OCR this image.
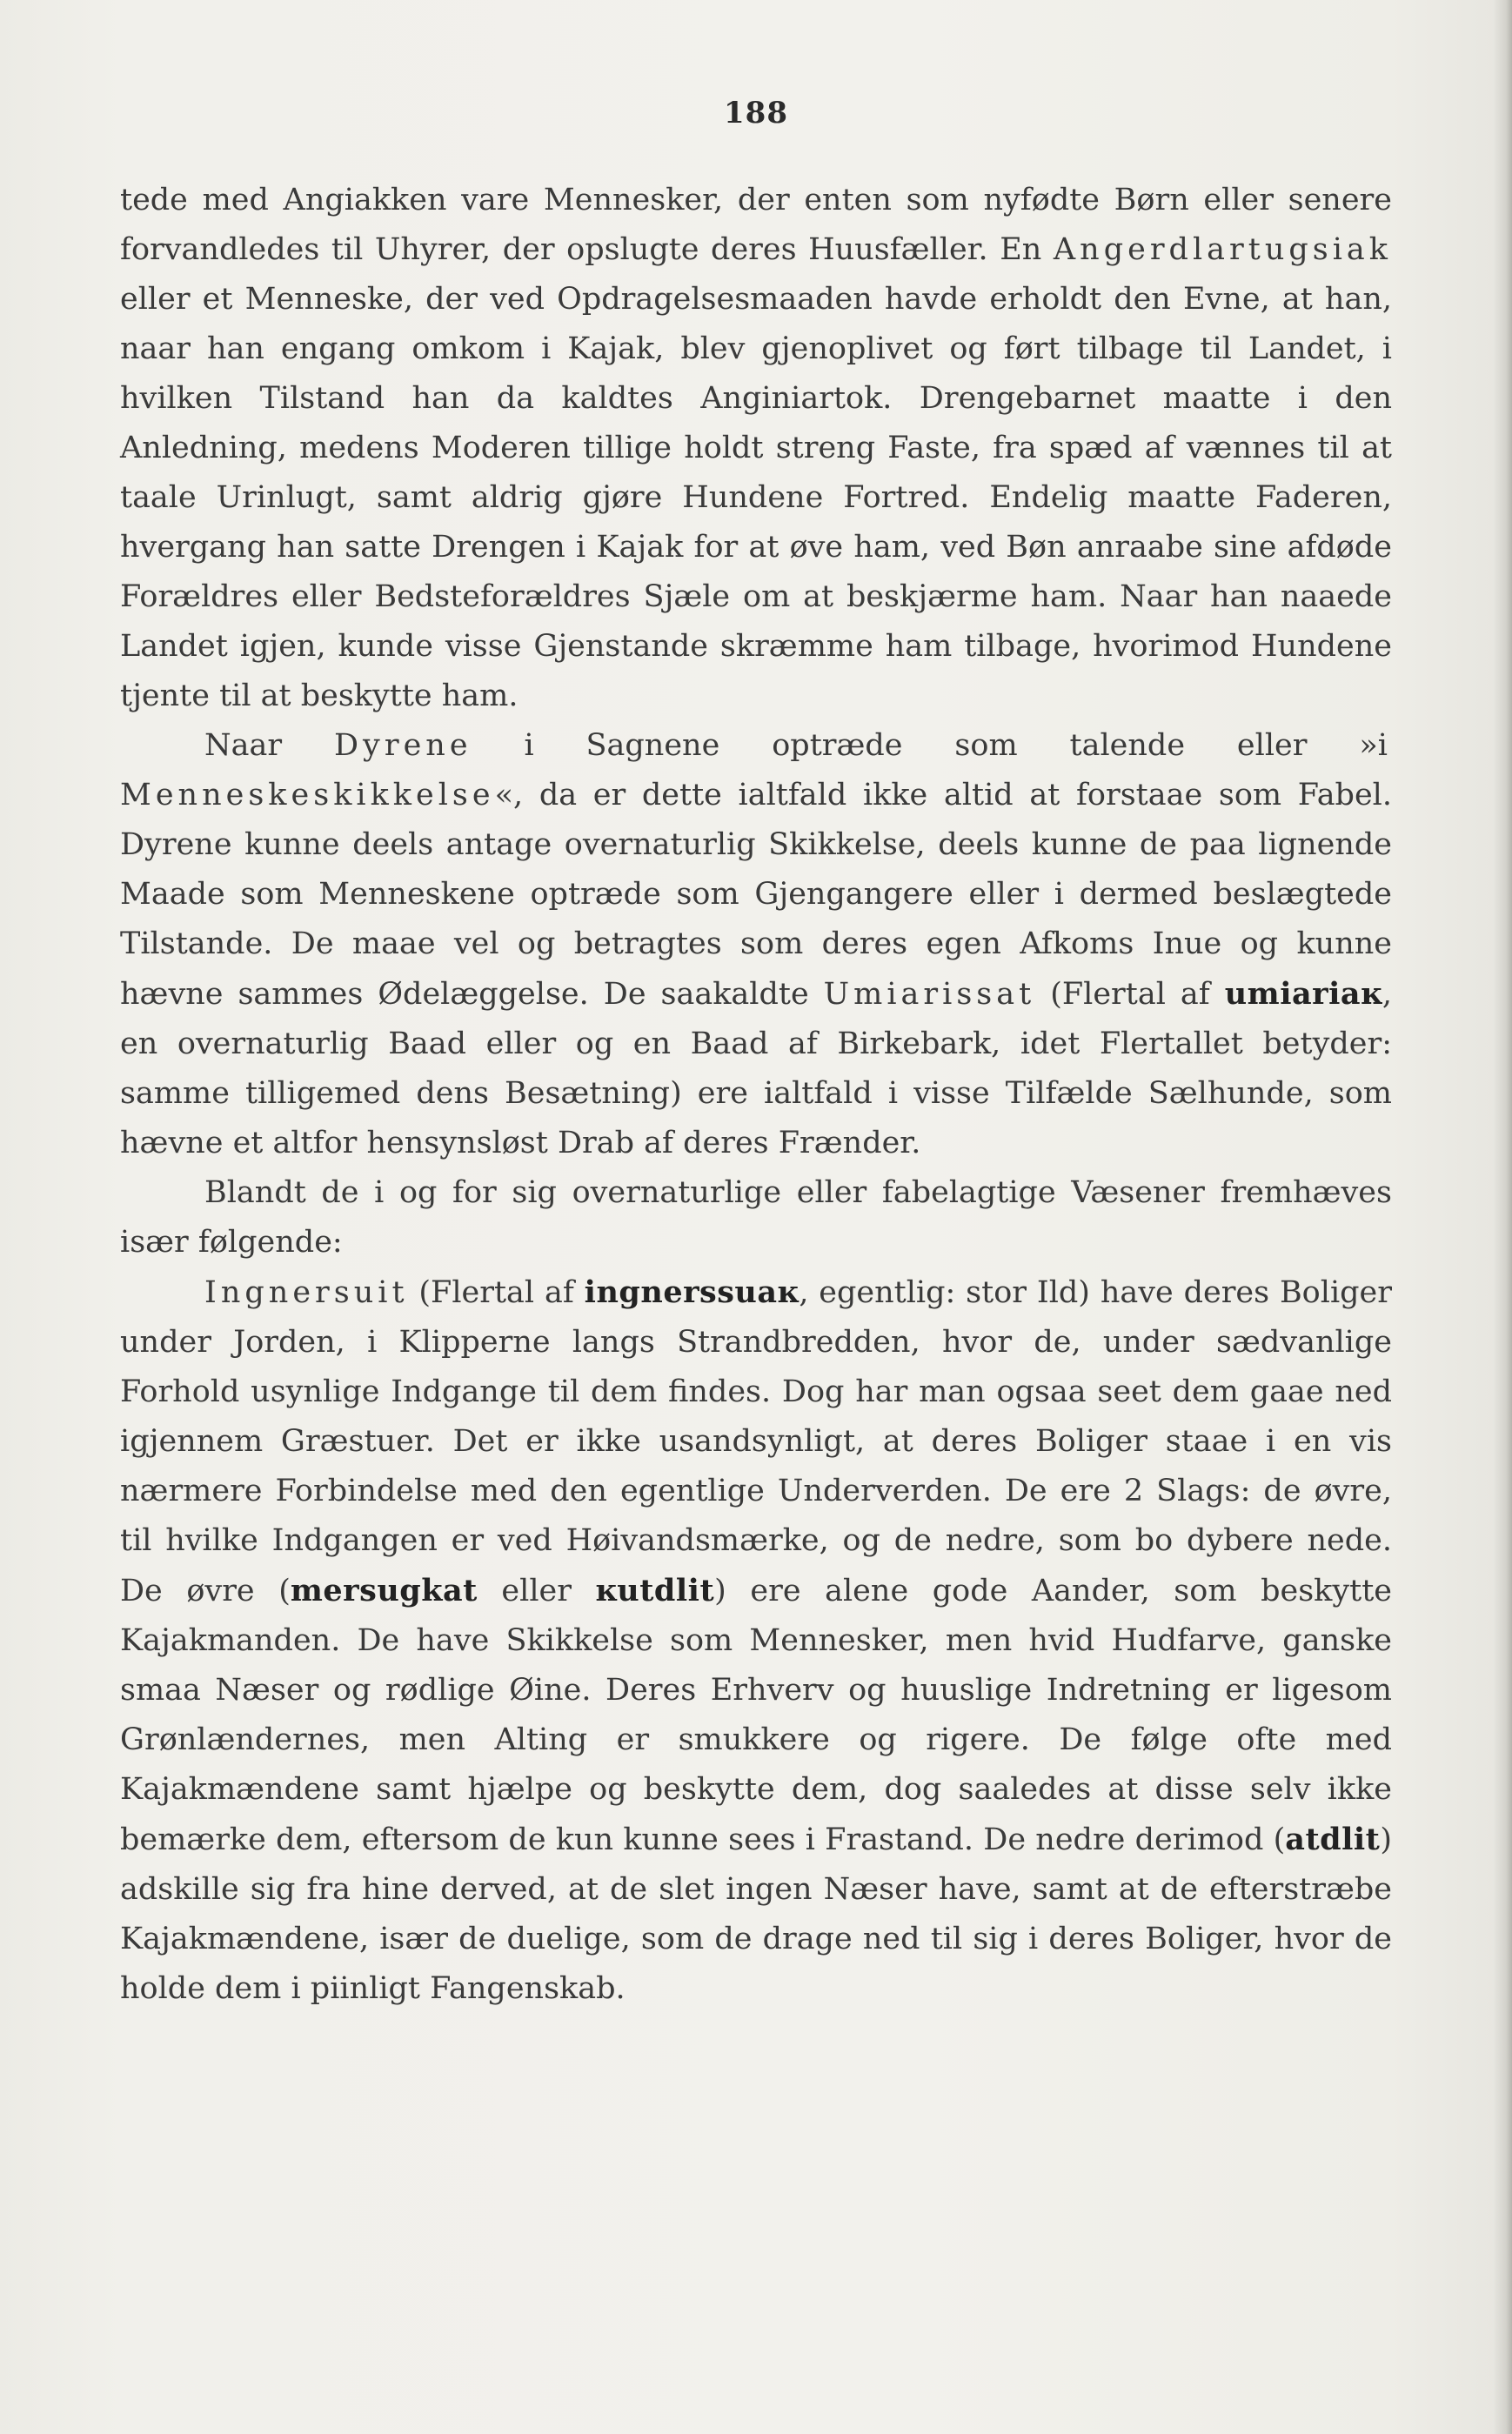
188

tede med Angiakken vare Mennesker, der enten som nyfødte Børn eller senere forvandledes til Uhyrer, der opslugte deres Huusfæller. En Angerdlartugsiak eller et Menneske, der ved Opdragelsesmaaden havde erholdt den Evne, at han, naar han engang omkom i Kajak, blev gjenoplivet og ført tilbage til Landet, i hvilken Tilstand han da kaldtes Anginiartok. Drengebarnet maatte i den Anledning, medens Moderen tillige holdt streng Faste, fra spæd af vænnes til at taale Urinlugt, samt aldrig gjøre Hundene Fortred. Endelig maatte Faderen, hvergang han satte Drengen i Kajak for at øve ham, ved Bøn anraabe sine afdøde Forældres eller Bedsteforældres Sjæle om at beskjærme ham. Naar han naaede Landet igjen, kunde visse Gjenstande skræmme ham tilbage, hvorimod Hundene tjente til at beskytte ham.

Naar Dyrene i Sagnene optræde som talende eller »i Menneskeskikkelse«, da er dette ialtfald ikke altid at forstaae som Fabel. Dyrene kunne deels antage overnaturlig Skikkelse, deels kunne de paa lignende Maade som Menneskene optræde som Gjengangere eller i dermed beslægtede Tilstande. De maae vel og betragtes som deres egen Afkoms Inue og kunne hævne sammes Ødelæggelse. De saakaldte Umiarissat (Flertal af umiariaĸ, en overnaturlig Baad eller og en Baad af Birkebark, idet Flertallet betyder: samme tilligemed dens Besætning) ere ialtfald i visse Tilfælde Sælhunde, som hævne et altfor hensynsløst Drab af deres Frænder.

Blandt de i og for sig overnaturlige eller fabelagtige Væsener fremhæves især følgende:

Ingnersuit (Flertal af ingnerssuaĸ, egentlig: stor Ild) have deres Boliger under Jorden, i Klipperne langs Strandbredden, hvor de, under sædvanlige Forhold usynlige Indgange til dem findes. Dog har man ogsaa seet dem gaae ned igjennem Græstuer. Det er ikke usandsynligt, at deres Boliger staae i en vis nærmere Forbindelse med den egentlige Underverden. De ere 2 Slags: de øvre, til hvilke Indgangen er ved Høivandsmærke, og de nedre, som bo dybere nede. De øvre (mersugkat eller ĸutdlit) ere alene gode Aander, som beskytte Kajakmanden. De have Skikkelse som Mennesker, men hvid Hudfarve, ganske smaa Næser og rødlige Øine. Deres Erhverv og huuslige Indretning er ligesom Grønlændernes, men Alting er smukkere og rigere. De følge ofte med Kajakmændene samt hjælpe og beskytte dem, dog saaledes at disse selv ikke bemærke dem, eftersom de kun kunne sees i Frastand. De nedre derimod (atdlit) adskille sig fra hine derved, at de slet ingen Næser have, samt at de efterstræbe Kajakmændene, især de duelige, som de drage ned til sig i deres Boliger, hvor de holde dem i piinligt Fangenskab.
